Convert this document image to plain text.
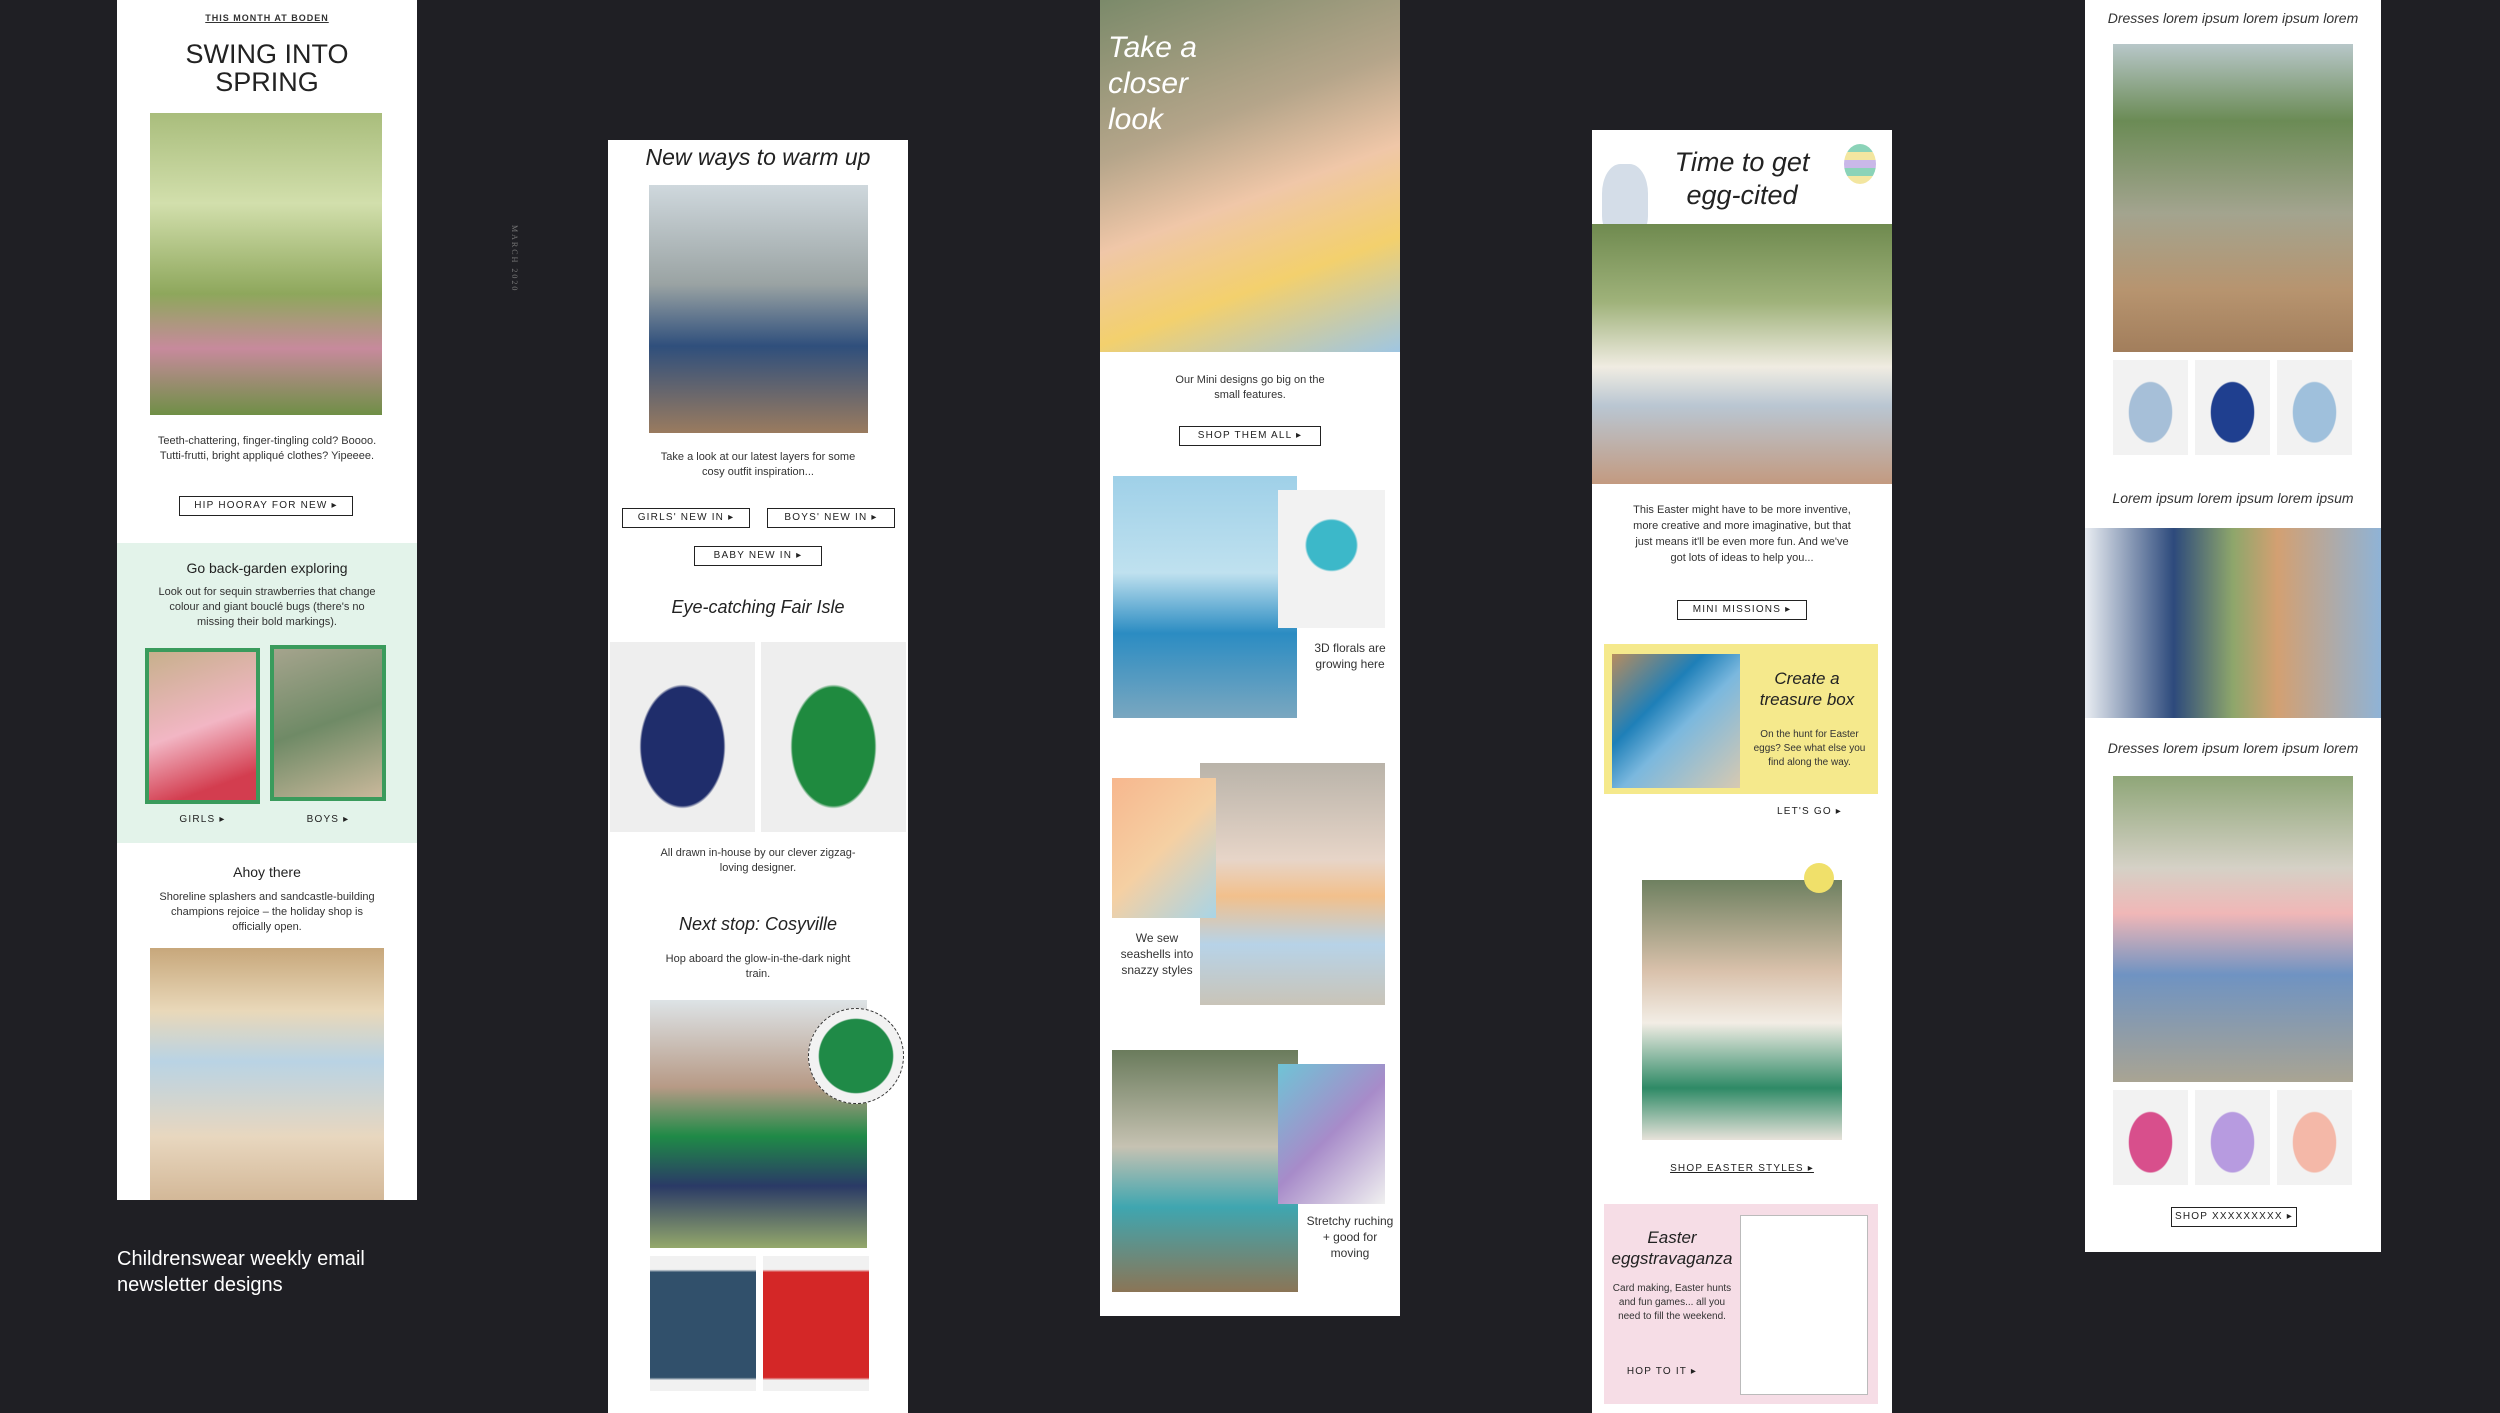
THIS MONTH AT BODEN
SWING INTO SPRING
MARCH 2020
Teeth-chattering, finger-tingling cold? Boooo. Tutti-frutti, bright appliqué clothes? Yipeeee.
HIP HOORAY FOR NEW ▸
Go back-garden exploring
Look out for sequin strawberries that change colour and giant bouclé bugs (there's no missing their bold markings).
GIRLS ▸	BOYS ▸
Ahoy there
Shoreline splashers and sandcastle-building champions rejoice – the holiday shop is officially open.
New ways to warm up
Take a look at our latest layers for some cosy outfit inspiration...
GIRLS' NEW IN ▸	BOYS' NEW IN ▸
BABY NEW IN ▸
Eye-catching Fair Isle
All drawn in-house by our clever zigzag-loving designer.
Next stop: Cosyville
Hop aboard the glow-in-the-dark night train.
Take a closer look
Our Mini designs go big on the small features.
SHOP THEM ALL ▸
3D florals are growing here
We sew seashells into snazzy styles
Stretchy ruching + good for moving
Time to get egg-cited
This Easter might have to be more inventive, more creative and more imaginative, but that just means it'll be even more fun. And we've got lots of ideas to help you...
MINI MISSIONS ▸
Create a treasure box
On the hunt for Easter eggs? See what else you find along the way.
LET'S GO ▸
SHOP EASTER STYLES ▸
Easter eggstravaganza
Card making, Easter hunts and fun games... all you need to fill the weekend.
HOP TO IT ▸
Dresses lorem ipsum lorem ipsum lorem
Lorem ipsum lorem ipsum lorem ipsum
Dresses lorem ipsum lorem ipsum lorem
SHOP XXXXXXXXX ▸
Childrenswear weekly email newsletter designs
